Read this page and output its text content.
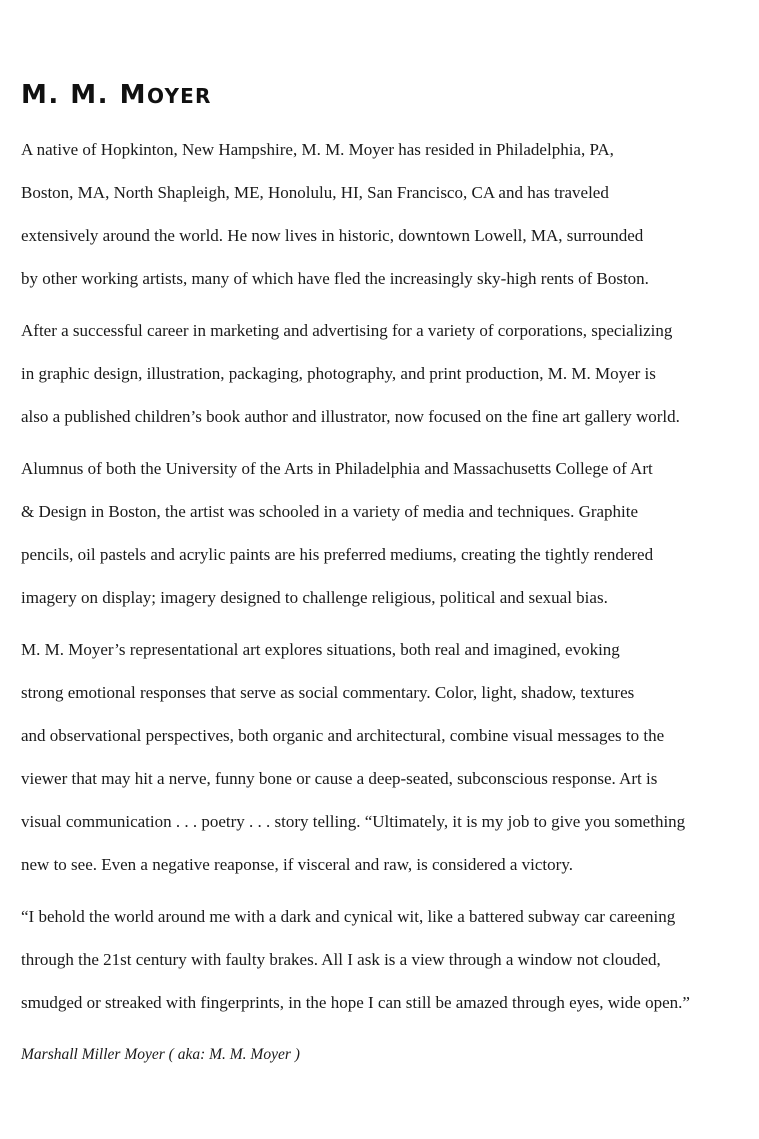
M. M. MOYER

A native of Hopkinton, New Hampshire, M. M. Moyer has resided in Philadelphia, PA,

Boston, MA, North Shapleigh, ME, Honolulu, HI, San Francisco, CA and has traveled

extensively around the world. He now lives in historic, downtown Lowell, MA, surrounded

by other working artists, many of which have fled the increasingly sky-high rents of Boston.

After a successful career in marketing and advertising for a variety of corporations, specializing

in graphic design, illustration, packaging, photography, and print production, M. M. Moyer is

also a published children’s book author and illustrator, now focused on the fine art gallery world.

Alumnus of both the University of the Arts in Philadelphia and Massachusetts College of Art

& Design in Boston, the artist was schooled in a variety of media and techniques. Graphite

pencils, oil pastels and acrylic paints are his preferred mediums, creating the tightly rendered

imagery on display; imagery designed to challenge religious, political and sexual bias.

M. M. Moyer’s representational art explores situations, both real and imagined, evoking

strong emotional responses that serve as social commentary. Color, light, shadow, textures

and observational perspectives, both organic and architectural, combine visual messages to the

viewer that may hit a nerve, funny bone or cause a deep-seated, subconscious response. Art is

visual communication . . . poetry . . . story telling. “Ultimately, it is my job to give you something

new to see. Even a negative reaponse, if visceral and raw, is considered a victory.

“I behold the world around me with a dark and cynical wit, like a battered subway car careening

through the 21st century with faulty brakes. All I ask is a view through a window not clouded,

smudged or streaked with fingerprints, in the hope I can still be amazed through eyes, wide open.”

Marshall Miller Moyer ( aka: M. M. Moyer )
